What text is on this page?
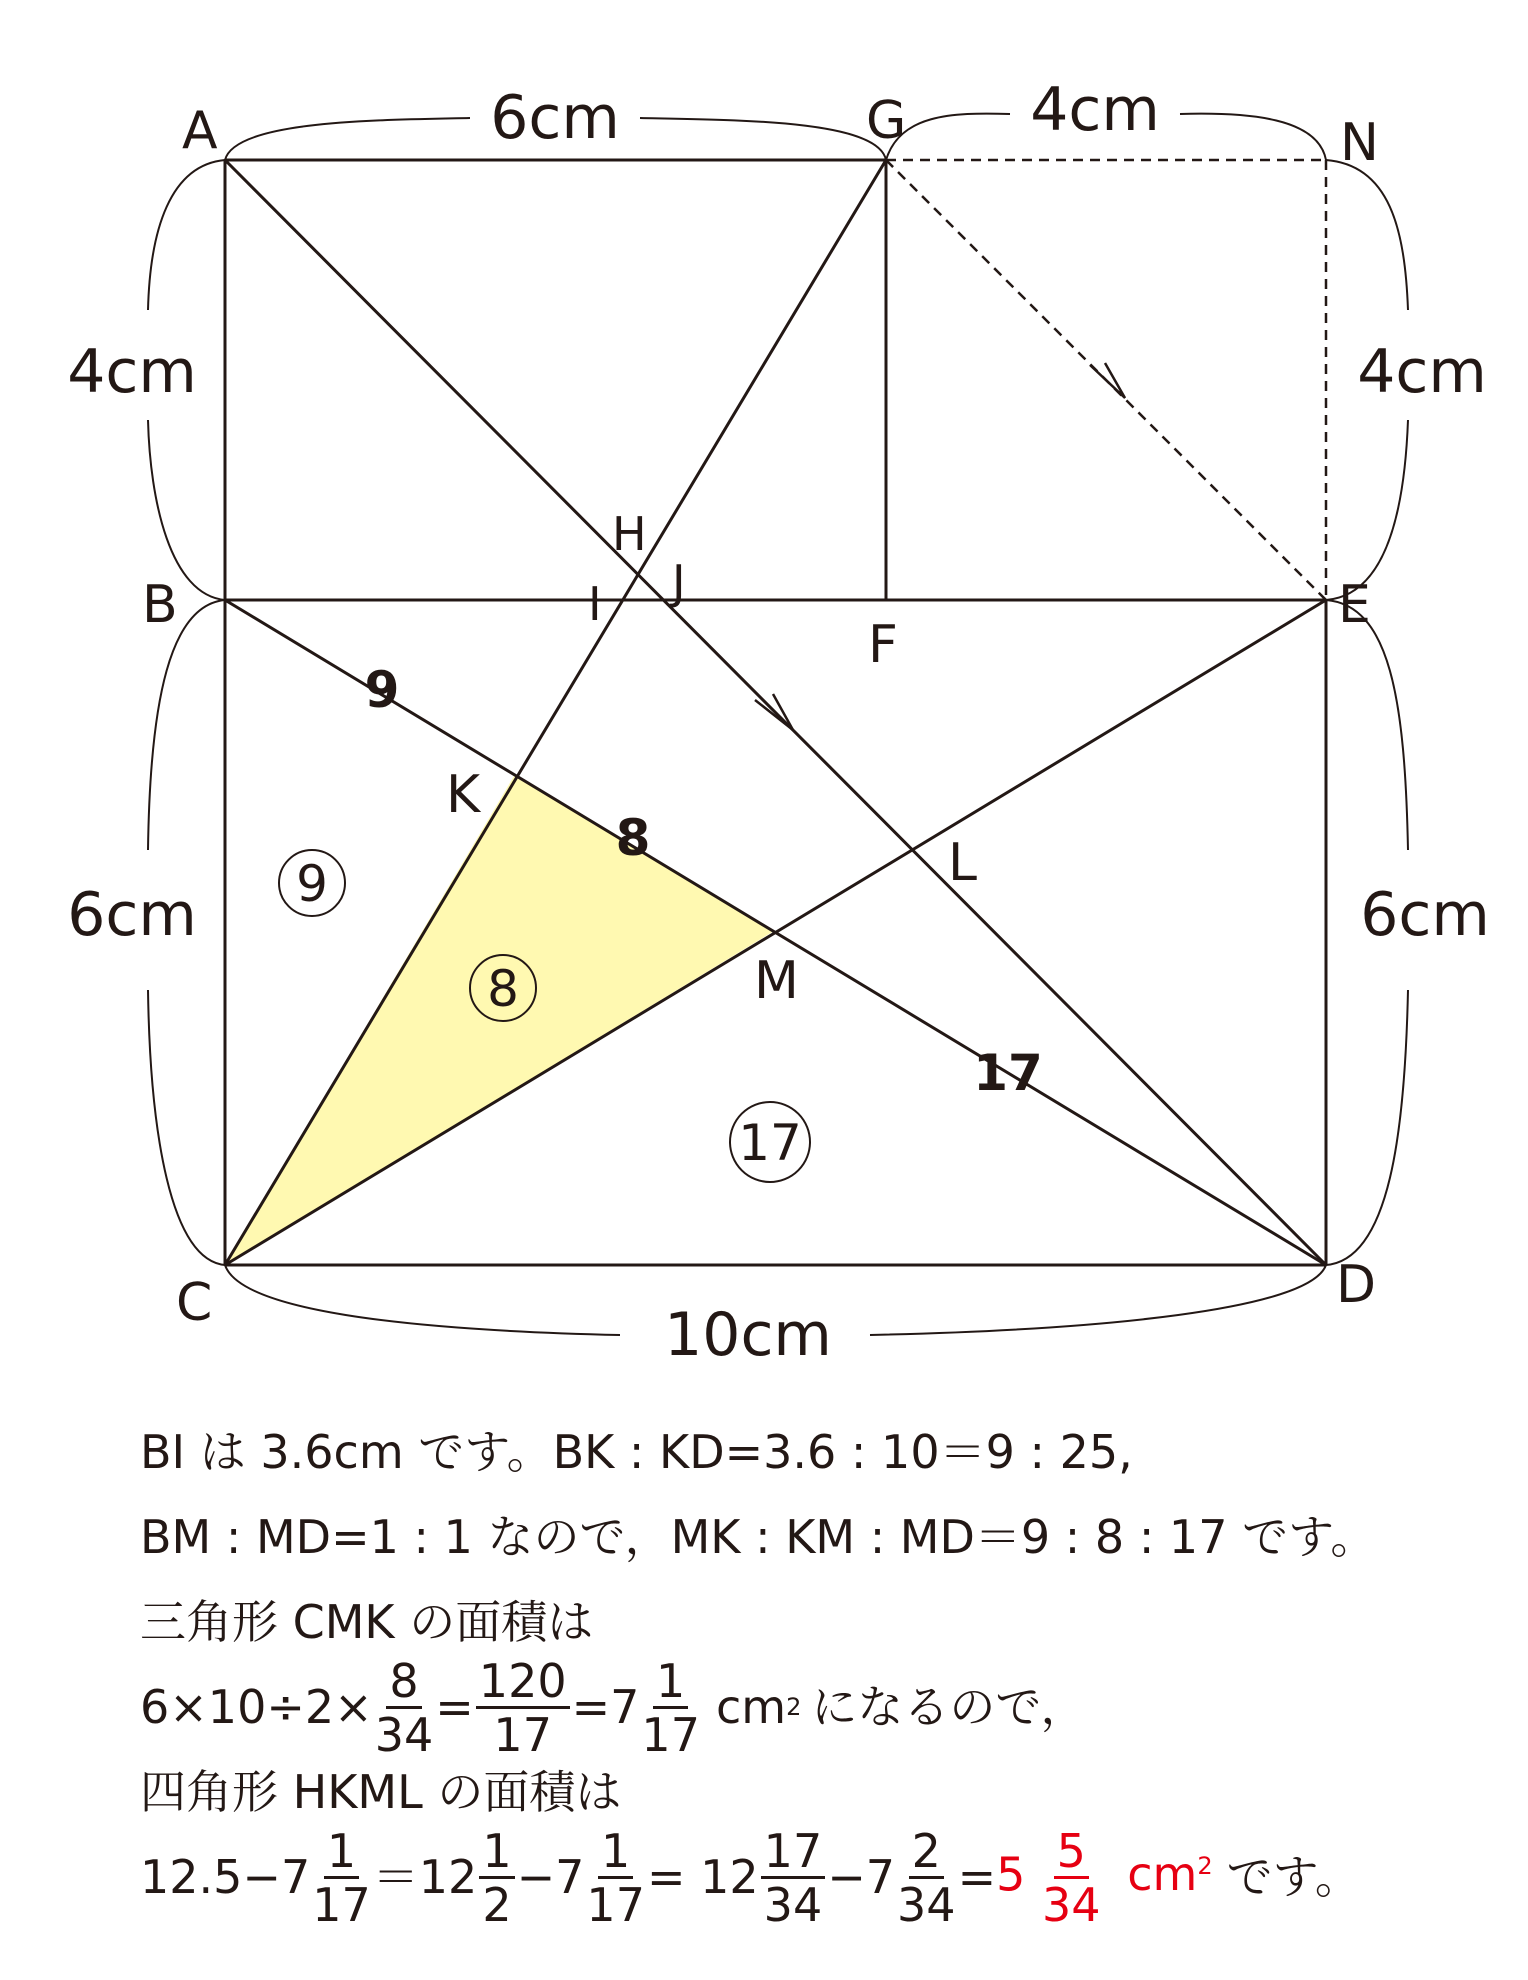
A	G	N
H
I J
B	E
F
K
L
M
C	D
6cm	4cm
4cm	4cm
6cm	6cm
10cm
9
8
17
9
8
17
BI は 3.6cm です。BK : KD=3.6 : 10＝9 : 25,
BM : MD=1 : 1 なので，MK : KM : MD＝9 : 8 : 17 です。
三角形 CMK の面積は
$6\times 10\div 2\times \frac{8}{34} = \frac{120}{17} =7 \frac{1}{17}$ cm 2 になるので，
四角形 HKML の面積は
$12.5-7 \frac{1}{17} =12 \frac{1}{2} -7 \frac{1}{17} = 12 \frac{17}{34} -7 \frac{2}{34} = 5 \frac{5}{34} cm^2$ です。
